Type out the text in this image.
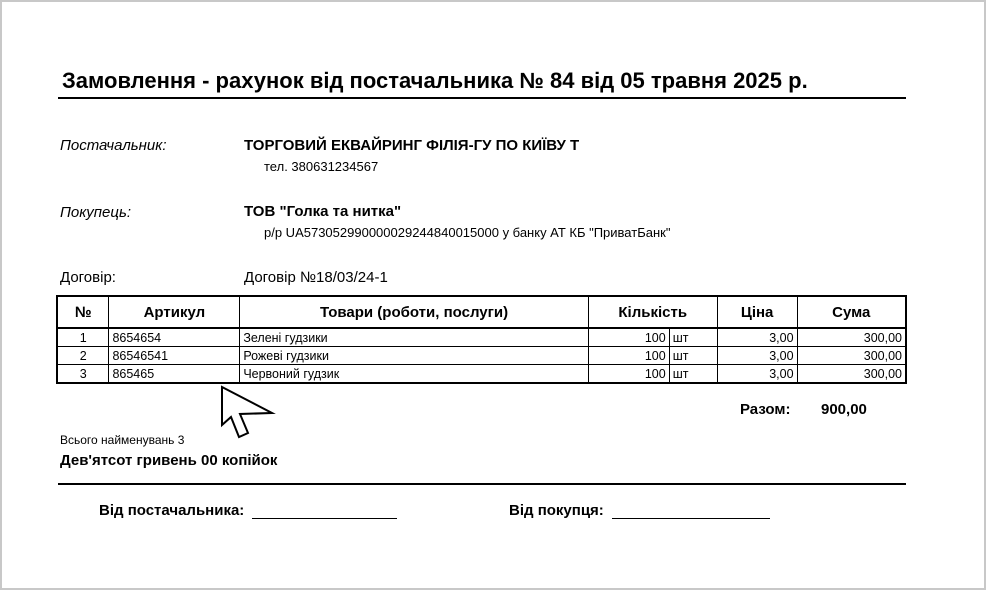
Замовлення - рахунок від постачальника № 84 від 05 травня 2025 р.
Постачальник:	ТОРГОВИЙ ЕКВАЙРИНГ ФІЛІЯ-ГУ ПО КИЇВУ Т
тел. 380631234567
Покупець:	ТОВ "Голка та нитка"
р/р UA573052990000029244840015000 у банку АТ КБ "ПриватБанк"
Договір:	Договір №18/03/24-1
№	Артикул	Товари (роботи, послуги)	Кількість		Ціна	Сума
1	8654654	Зелені гудзики	100	шт	3,00	300,00
2	86546541	Рожеві гудзики	100	шт	3,00	300,00
3	865465	Червоний гудзик	100	шт	3,00	300,00
Разом: 900,00
Всього найменувань 3
Дев'ятсот гривень 00 копійок
Від постачальника:	Від покупця:
